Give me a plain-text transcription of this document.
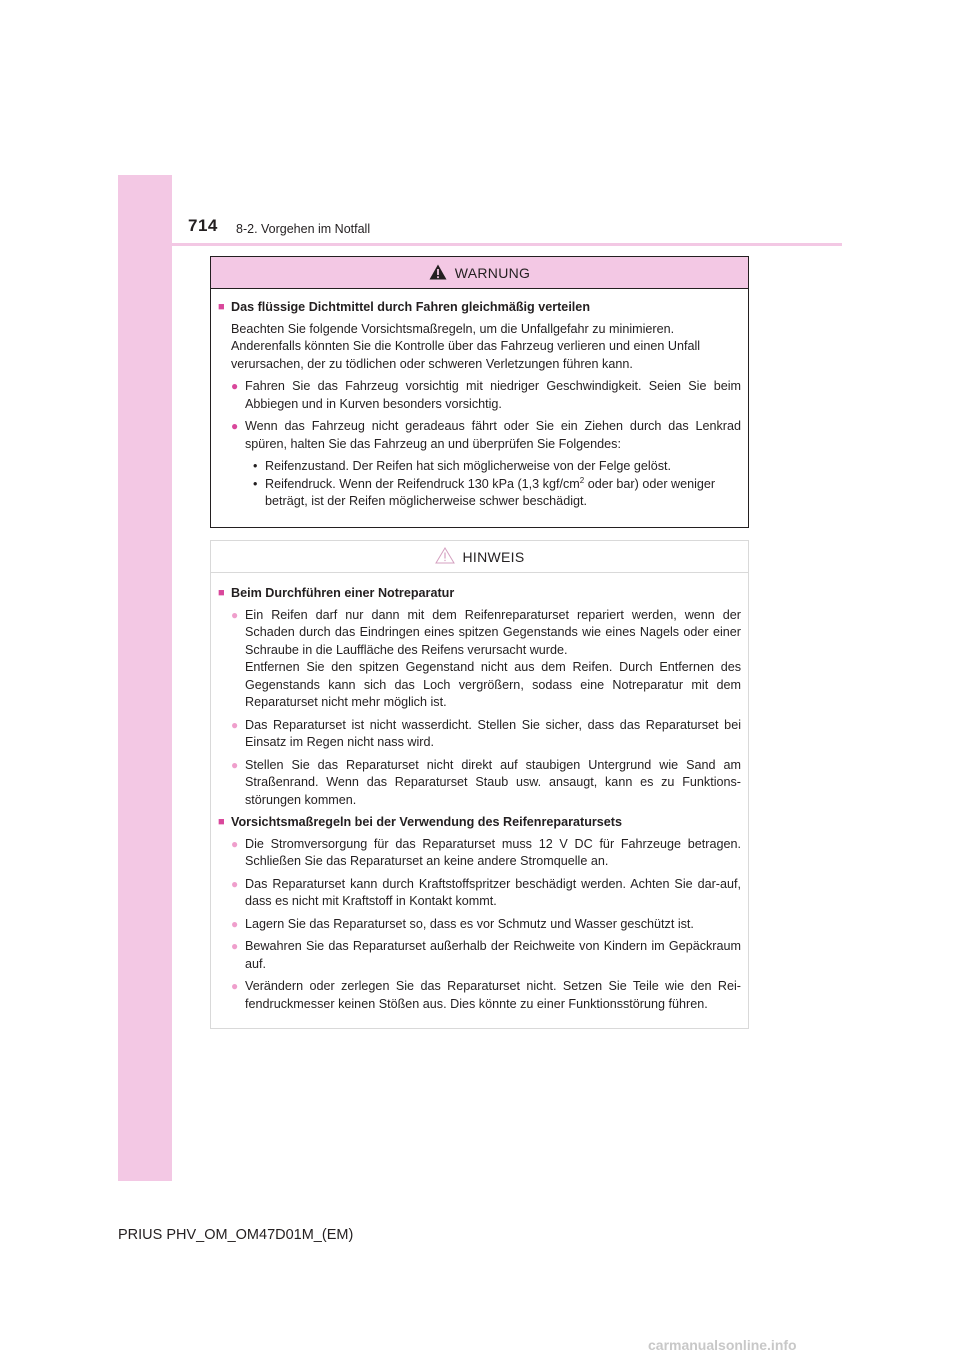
714 8-2. Vorgehen im Notfall
WARNUNG
■ Das flüssige Dichtmittel durch Fahren gleichmäßig verteilen
Beachten Sie folgende Vorsichtsmaßregeln, um die Unfallgefahr zu minimieren. Anderenfalls könnten Sie die Kontrolle über das Fahrzeug verlieren und einen Unfall verursachen, der zu tödlichen oder schweren Verletzungen führen kann.
● Fahren Sie das Fahrzeug vorsichtig mit niedriger Geschwindigkeit. Seien Sie beim Abbiegen und in Kurven besonders vorsichtig.
● Wenn das Fahrzeug nicht geradeaus fährt oder Sie ein Ziehen durch das Lenkrad spüren, halten Sie das Fahrzeug an und überprüfen Sie Folgendes:
• Reifenzustand. Der Reifen hat sich möglicherweise von der Felge gelöst.
• Reifendruck. Wenn der Reifendruck 130 kPa (1,3 kgf/$cm^2$ oder bar) oder weniger beträgt, ist der Reifen möglicherweise schwer beschädigt.
HINWEIS
■ Beim Durchführen einer Notreparatur
● Ein Reifen darf nur dann mit dem Reifenreparaturset repariert werden, wenn der Schaden durch das Eindringen eines spitzen Gegenstands wie eines Nagels oder einer Schraube in die Lauffläche des Reifens verursacht wurde.
Entfernen Sie den spitzen Gegenstand nicht aus dem Reifen. Durch Entfernen des Gegenstands kann sich das Loch vergrößern, sodass eine Notreparatur mit dem Reparaturset nicht mehr möglich ist.
● Das Reparaturset ist nicht wasserdicht. Stellen Sie sicher, dass das Reparaturset bei Einsatz im Regen nicht nass wird.
● Stellen Sie das Reparaturset nicht direkt auf staubigen Untergrund wie Sand am Straßenrand. Wenn das Reparaturset Staub usw. ansaugt, kann es zu Funktions-störungen kommen.
■ Vorsichtsmaßregeln bei der Verwendung des Reifenreparatursets
● Die Stromversorgung für das Reparaturset muss 12 V DC für Fahrzeuge betragen. Schließen Sie das Reparaturset an keine andere Stromquelle an.
● Das Reparaturset kann durch Kraftstoffspritzer beschädigt werden. Achten Sie dar-auf, dass es nicht mit Kraftstoff in Kontakt kommt.
● Lagern Sie das Reparaturset so, dass es vor Schmutz und Wasser geschützt ist.
● Bewahren Sie das Reparaturset außerhalb der Reichweite von Kindern im Gepäckraum auf.
● Verändern oder zerlegen Sie das Reparaturset nicht. Setzen Sie Teile wie den Rei-fendruckmesser keinen Stößen aus. Dies könnte zu einer Funktionsstörung führen.
PRIUS PHV_OM_OM47D01M_(EM)
carmanualsonline.info
